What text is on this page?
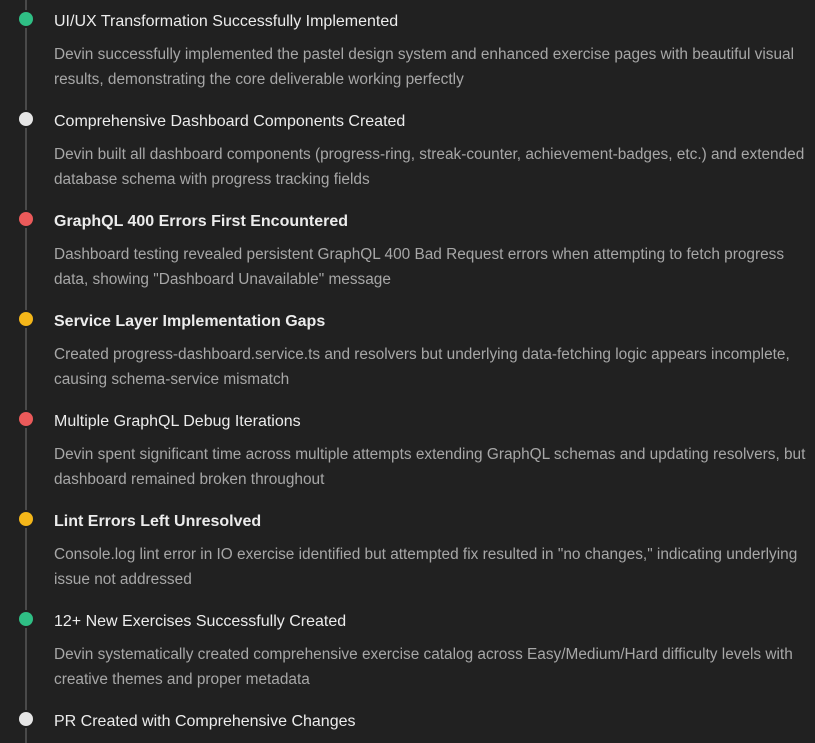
UI/UX Transformation Successfully Implemented
Devin successfully implemented the pastel design system and enhanced exercise pages with beautiful visual results, demonstrating the core deliverable working perfectly
Comprehensive Dashboard Components Created
Devin built all dashboard components (progress-ring, streak-counter, achievement-badges, etc.) and extended database schema with progress tracking fields
GraphQL 400 Errors First Encountered
Dashboard testing revealed persistent GraphQL 400 Bad Request errors when attempting to fetch progress data, showing "Dashboard Unavailable" message
Service Layer Implementation Gaps
Created progress-dashboard.service.ts and resolvers but underlying data-fetching logic appears incomplete, causing schema-service mismatch
Multiple GraphQL Debug Iterations
Devin spent significant time across multiple attempts extending GraphQL schemas and updating resolvers, but dashboard remained broken throughout
Lint Errors Left Unresolved
Console.log lint error in IO exercise identified but attempted fix resulted in "no changes," indicating underlying issue not addressed
12+ New Exercises Successfully Created
Devin systematically created comprehensive exercise catalog across Easy/Medium/Hard difficulty levels with creative themes and proper metadata
PR Created with Comprehensive Changes
